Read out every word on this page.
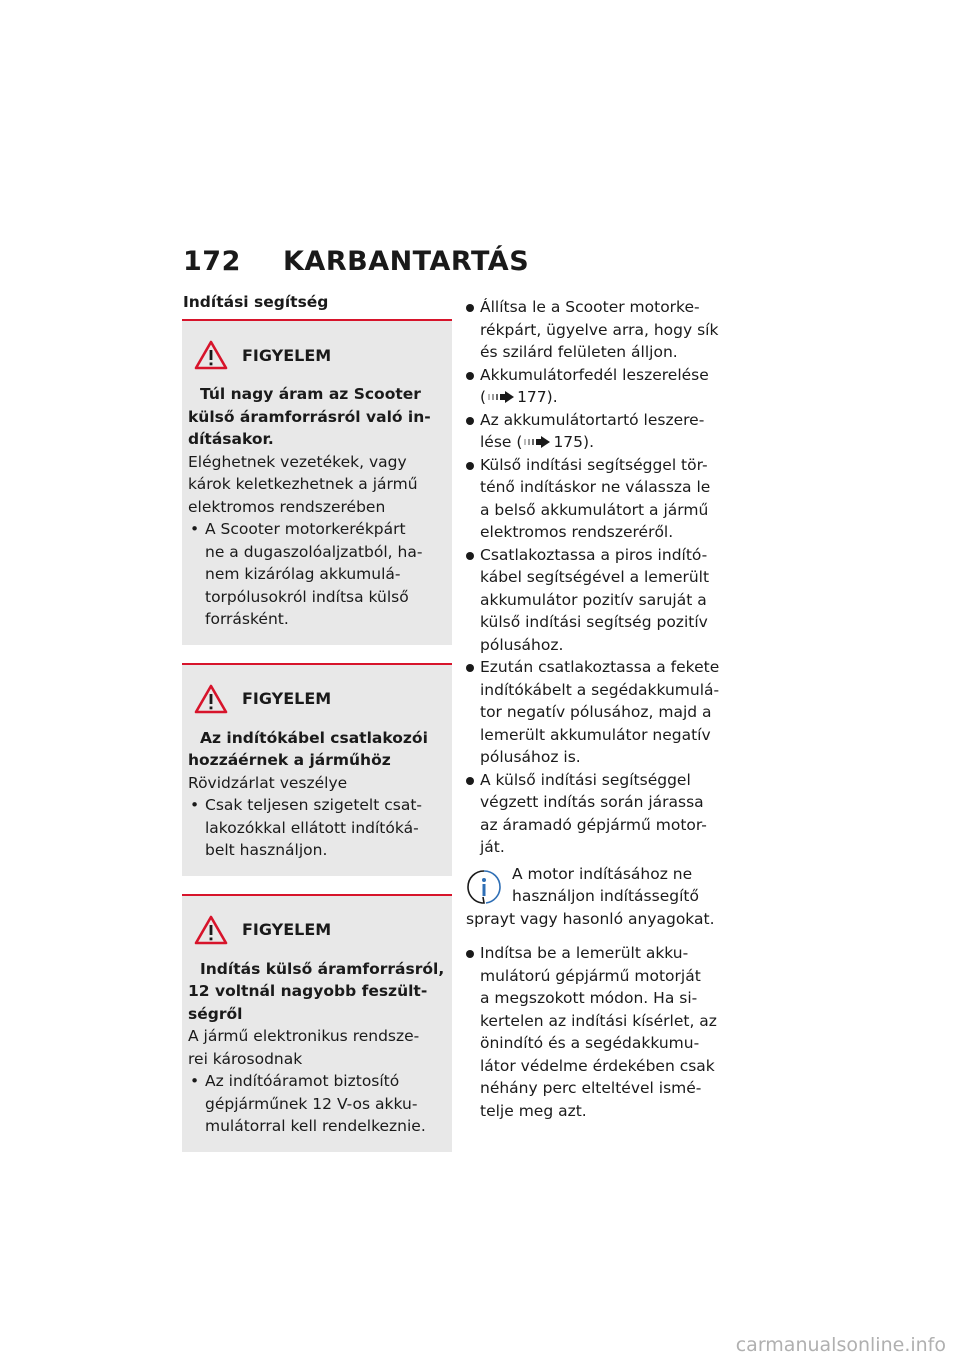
172 KARBANTARTÁS
Indítási segítség
FIGYELEM
Túl nagy áram az Scooter
külső áramforrásról való in-
dításakor.
Eléghetnek vezetékek, vagy
károk keletkezhetnek a jármű
elektromos rendszerében
• A Scooter motorkerékpárt
ne a dugaszolóaljzatból, ha-
nem kizárólag akkumulá-
torpólusokról indítsa külső
forrásként.
FIGYELEM
Az indítókábel csatlakozói
hozzáérnek a járműhöz
Rövidzárlat veszélye
• Csak teljesen szigetelt csat-
lakozókkal ellátott indítóká-
belt használjon.
FIGYELEM
Indítás külső áramforrásról,
12 voltnál nagyobb feszült-
ségről
A jármű elektronikus rendsze-
rei károsodnak
• Az indítóáramot biztosító
gépjárműnek 12 V-os akku-
mulátorral kell rendelkeznie.
Állítsa le a Scooter motorke-
rékpárt, ügyelve arra, hogy sík
és szilárd felületen álljon.
Akkumulátorfedél leszerelése
( 177).
Az akkumulátortartó leszere-
lése ( 175).
Külső indítási segítséggel tör-
ténő indításkor ne válassza le
a belső akkumulátort a jármű
elektromos rendszeréről.
Csatlakoztassa a piros indító-
kábel segítségével a lemerült
akkumulátor pozitív saruját a
külső indítási segítség pozitív
pólusához.
Ezután csatlakoztassa a fekete
indítókábelt a segédakkumulá-
tor negatív pólusához, majd a
lemerült akkumulátor negatív
pólusához is.
A külső indítási segítséggel
végzett indítás során járassa
az áramadó gépjármű motor-
ját.
A motor indításához ne
használjon indítássegítő
sprayt vagy hasonló anyagokat.
Indítsa be a lemerült akku-
mulátorú gépjármű motorját
a megszokott módon. Ha si-
kertelen az indítási kísérlet, az
önindító és a segédakkumu-
látor védelme érdekében csak
néhány perc elteltével ismé-
telje meg azt.
carmanualsonline.info
